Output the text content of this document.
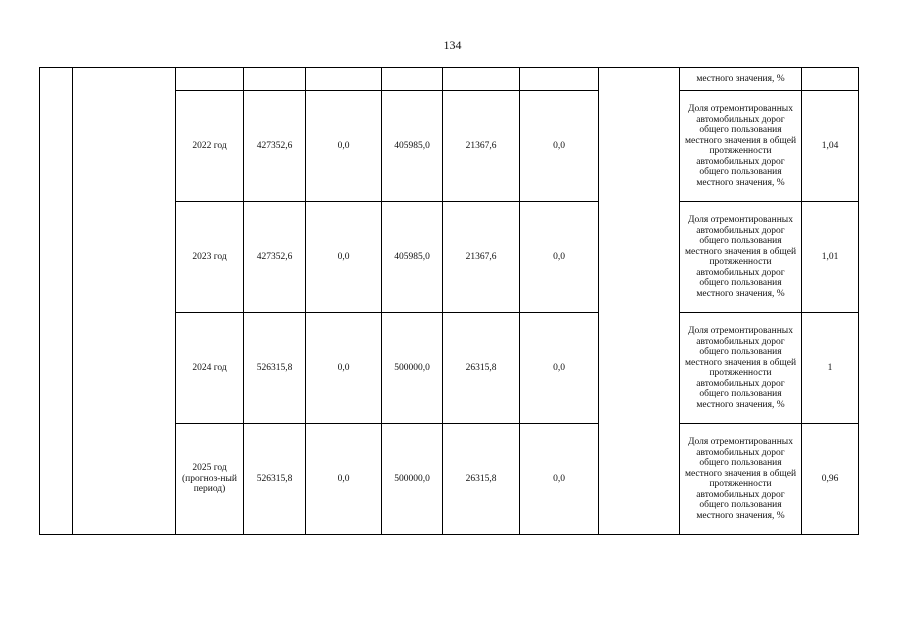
134
									местного значения, %	
		2022 год	427352,6	0,0	405985,0	21367,6	0,0		Доля отремонтированных автомобильных дорог общего пользования местного значения в общей протяженности автомобильных дорог общего пользования местного значения, %	1,04
		2023 год	427352,6	0,0	405985,0	21367,6	0,0		Доля отремонтированных автомобильных дорог общего пользования местного значения в общей протяженности автомобильных дорог общего пользования местного значения, %	1,01
		2024 год	526315,8	0,0	500000,0	26315,8	0,0		Доля отремонтированных автомобильных дорог общего пользования местного значения в общей протяженности автомобильных дорог общего пользования местного значения, %	1
		2025 год (прогноз-ный период)	526315,8	0,0	500000,0	26315,8	0,0		Доля отремонтированных автомобильных дорог общего пользования местного значения в общей протяженности автомобильных дорог общего пользования местного значения, %	0,96
